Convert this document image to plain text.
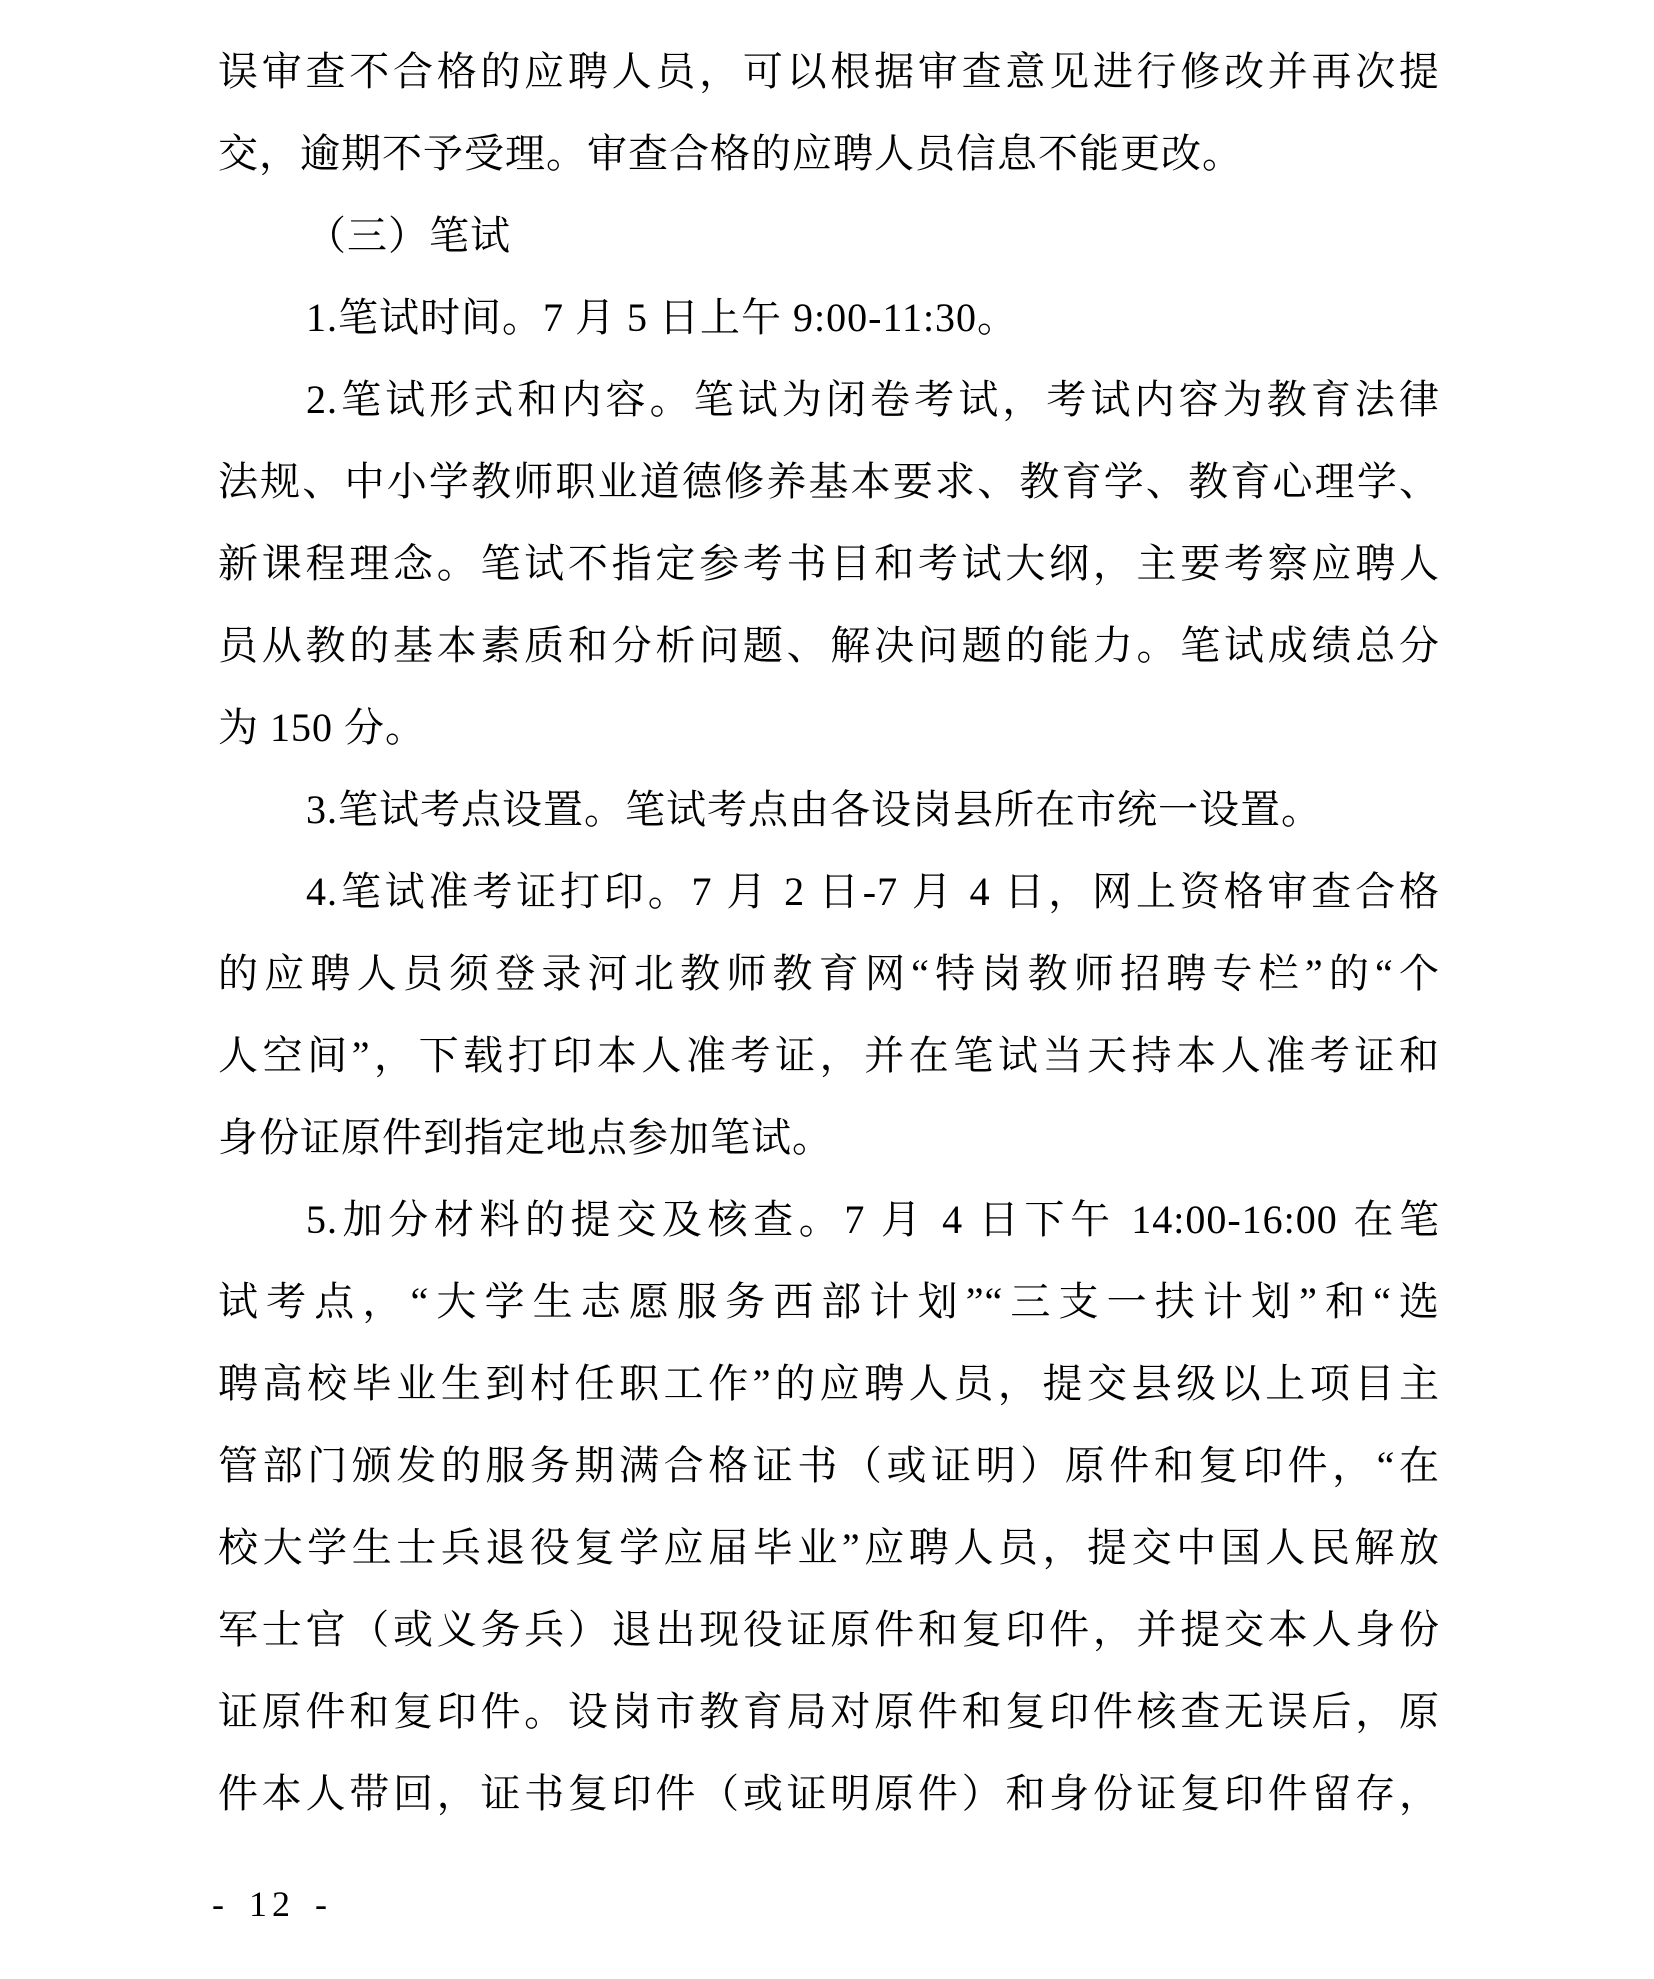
误审查不合格的应聘人员，可以根据审查意见进行修改并再次提
交，逾期不予受理。审查合格的应聘人员信息不能更改。
（三）笔试
1.笔试时间。7 月 5 日上午 9:00-11:30。
2.笔试形式和内容。笔试为闭卷考试，考试内容为教育法律
法规、中小学教师职业道德修养基本要求、教育学、教育心理学、
新课程理念。笔试不指定参考书目和考试大纲，主要考察应聘人
员从教的基本素质和分析问题、解决问题的能力。笔试成绩总分
为 150 分。
3.笔试考点设置。笔试考点由各设岗县所在市统一设置。
4.笔试准考证打印。7 月 2 日-7 月 4 日，网上资格审查合格
的应聘人员须登录河北教师教育网“特岗教师招聘专栏”的“个
人空间”，下载打印本人准考证，并在笔试当天持本人准考证和
身份证原件到指定地点参加笔试。
5.加分材料的提交及核查。7 月 4 日下午 14:00-16:00 在笔
试考点，“大学生志愿服务西部计划”“三支一扶计划”和“选
聘高校毕业生到村任职工作”的应聘人员，提交县级以上项目主
管部门颁发的服务期满合格证书（或证明）原件和复印件，“在
校大学生士兵退役复学应届毕业”应聘人员，提交中国人民解放
军士官（或义务兵）退出现役证原件和复印件，并提交本人身份
证原件和复印件。设岗市教育局对原件和复印件核查无误后，原
件本人带回，证书复印件（或证明原件）和身份证复印件留存，
- 12 -
